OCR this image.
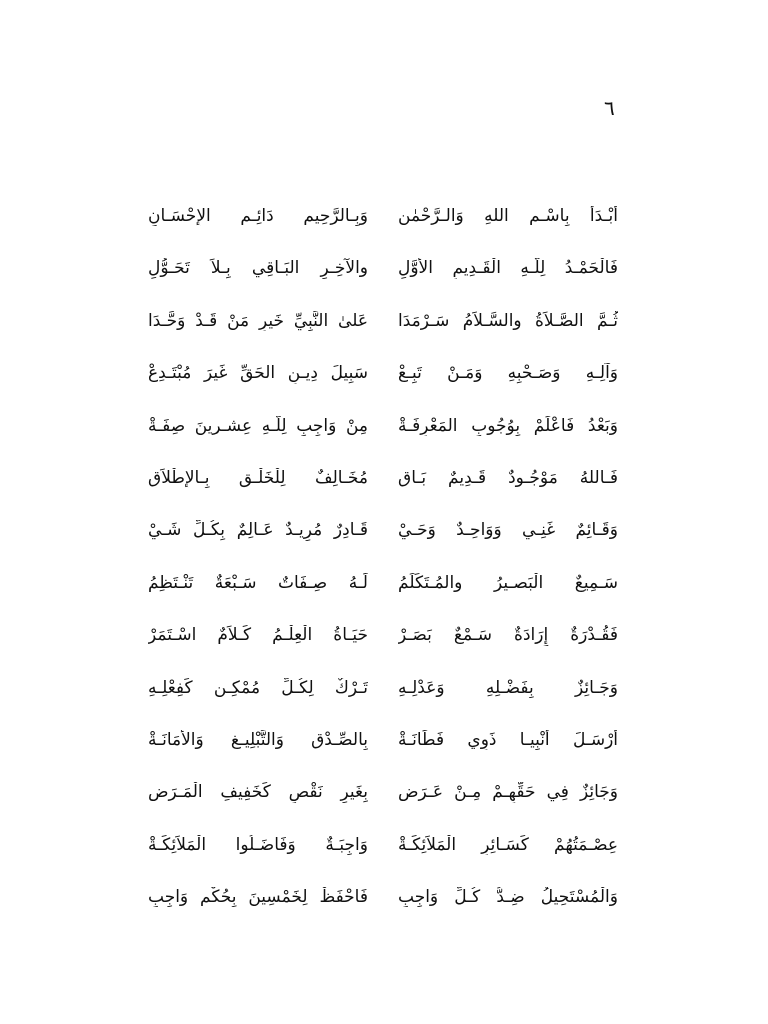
٦
أَبْـدَأُ بِاسْـمِ اللهِ وَالـرَّحْمٰنِ
وَبِـالرَّحِيمِ دَائِـمِ الإِحْسَـانِ
فَالْحَمْـدُ لِلّـهِ الْقَـدِيمِ الأَوَّلِ
والآخِـرِ البَـاقِي بِـلاَ تَحَـوُّلِ
ثُـمَّ الصَّـلاَةُ والسَّـلاَمُ سَـرْمَدَا
عَلىٰ النَّبِيِّ خَيرِ مَنْ قَـدْ وَحَّـدَا
وَآلِـهِ وَصَـحْبِهِ وَمَـنْ تَبِـعْ
سَبِيلَ دِيـنِ الحَقِّ غَيرَ مُبْتَـدِعْ
وَبَعْدُ فَاعْلَمْ بِوُجُوبِ المَعْرِفَـةْ
مِنْ وَاجِبٍ لِلّـهِ عِشـرينَ صِفَـةْ
فَـاللهُ مَوْجُـودٌ قَـدِيمٌ بَـاقِ
مُخَـالِفٌ لِلْخَلْـقِ بِـالإِطْلاَقِ
وَقَـائِمٌ غَنِـي وَوَاحِـدٌ وَحَـيْ
قَـادِرٌ مُرِيـدٌ عَـالِمٌ بِكُـلِّ شَـيْ
سَـمِيعٌ الْبَصـيرُ والمُـتَكَلِّمُ
لَـهُ صِـفَاتٌ سَـبْعَةٌ تَنْـتَظِمُ
فَقُـدْرَةٌ إِرَادَةٌ سَـمْعٌ بَصَـرْ
حَيَـاةُ الْعِلْـمُ كَـلاَمٌ اسْـتَمَرْ
وَجَـائِزٌ بِفَضْـلِهِ وَعَدْلِـهِ
تَـرْكٌ لِكُـلِّ مُمْكِـنٍ كَفِعْلِـهِ
أَرْسَـلَ أَنْبِيـا ذَوِي فَطَانَـةْ
بِالصِّـدْقِ وَالتَّبْلِيـغِ وَالأَمَانَـةْ
وَجَائِزٌ فِي حَقِّهِـمْ مِـنْ عَـرَضٍ
بِغَيرِ نَقْصٍ كَخَفِيفِ الْمَـرَضِ
عِصْـمَتُهُمْ كَسَـائِرِ الْمَلاَئِكَـةْ
وَاجِبَـةٌ وَفَاضَـلُوا الْمَلاَئِكَـةْ
وَالْمُسْتَحِيلُ ضِـدُّ كُـلِّ وَاجِبِ
فَاحْفَظْ لِخَمْسِينَ بِحُكْمٍ وَاجِبِ
